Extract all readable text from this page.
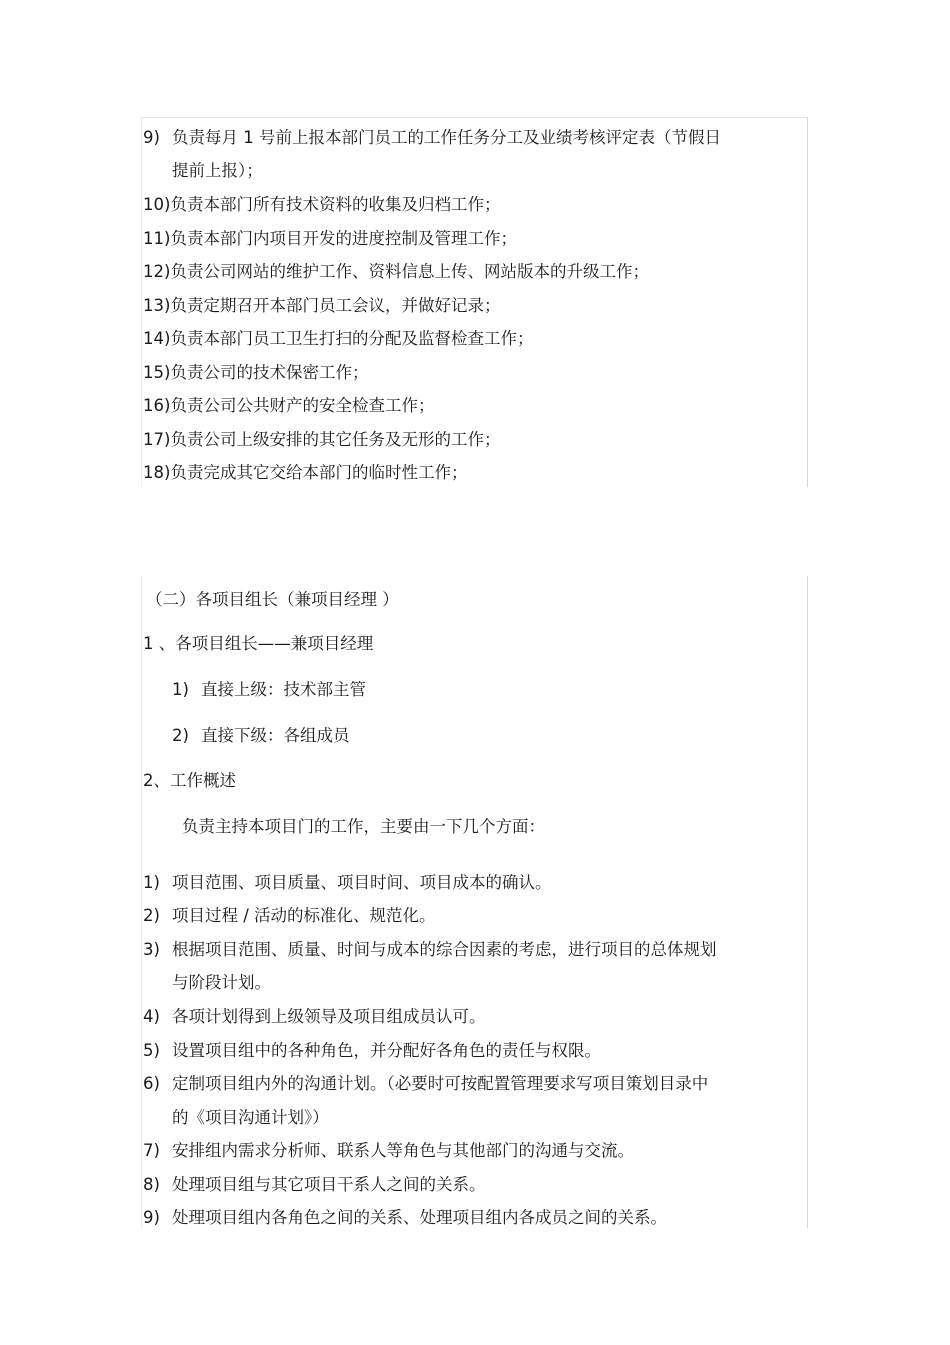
9) 负责每月 1 号前上报本部门员工的工作任务分工及业绩考核评定表（节假日
提前上报）；
10)负责本部门所有技术资料的收集及归档工作；
11)负责本部门内项目开发的进度控制及管理工作；
12)负责公司网站的维护工作、资料信息上传、网站版本的升级工作；
13)负责定期召开本部门员工会议，并做好记录；
14)负责本部门员工卫生打扫的分配及监督检查工作；
15)负责公司的技术保密工作；
16)负责公司公共财产的安全检查工作；
17)负责公司上级安排的其它任务及无形的工作；
18)负责完成其它交给本部门的临时性工作；
（二）各项目组长（兼项目经理 ）
1 、各项目组长——兼项目经理
1) 直接上级：技术部主管
2) 直接下级：各组成员
2、工作概述
负责主持本项目门的工作，主要由一下几个方面：
1) 项目范围、项目质量、项目时间、项目成本的确认。
2) 项目过程 / 活动的标准化、规范化。
3) 根据项目范围、质量、时间与成本的综合因素的考虑，进行项目的总体规划
与阶段计划。
4) 各项计划得到上级领导及项目组成员认可。
5) 设置项目组中的各种角色，并分配好各角色的责任与权限。
6) 定制项目组内外的沟通计划。（必要时可按配置管理要求写项目策划目录中
的《项目沟通计划》）
7) 安排组内需求分析师、联系人等角色与其他部门的沟通与交流。
8) 处理项目组与其它项目干系人之间的关系。
9) 处理项目组内各角色之间的关系、处理项目组内各成员之间的关系。
